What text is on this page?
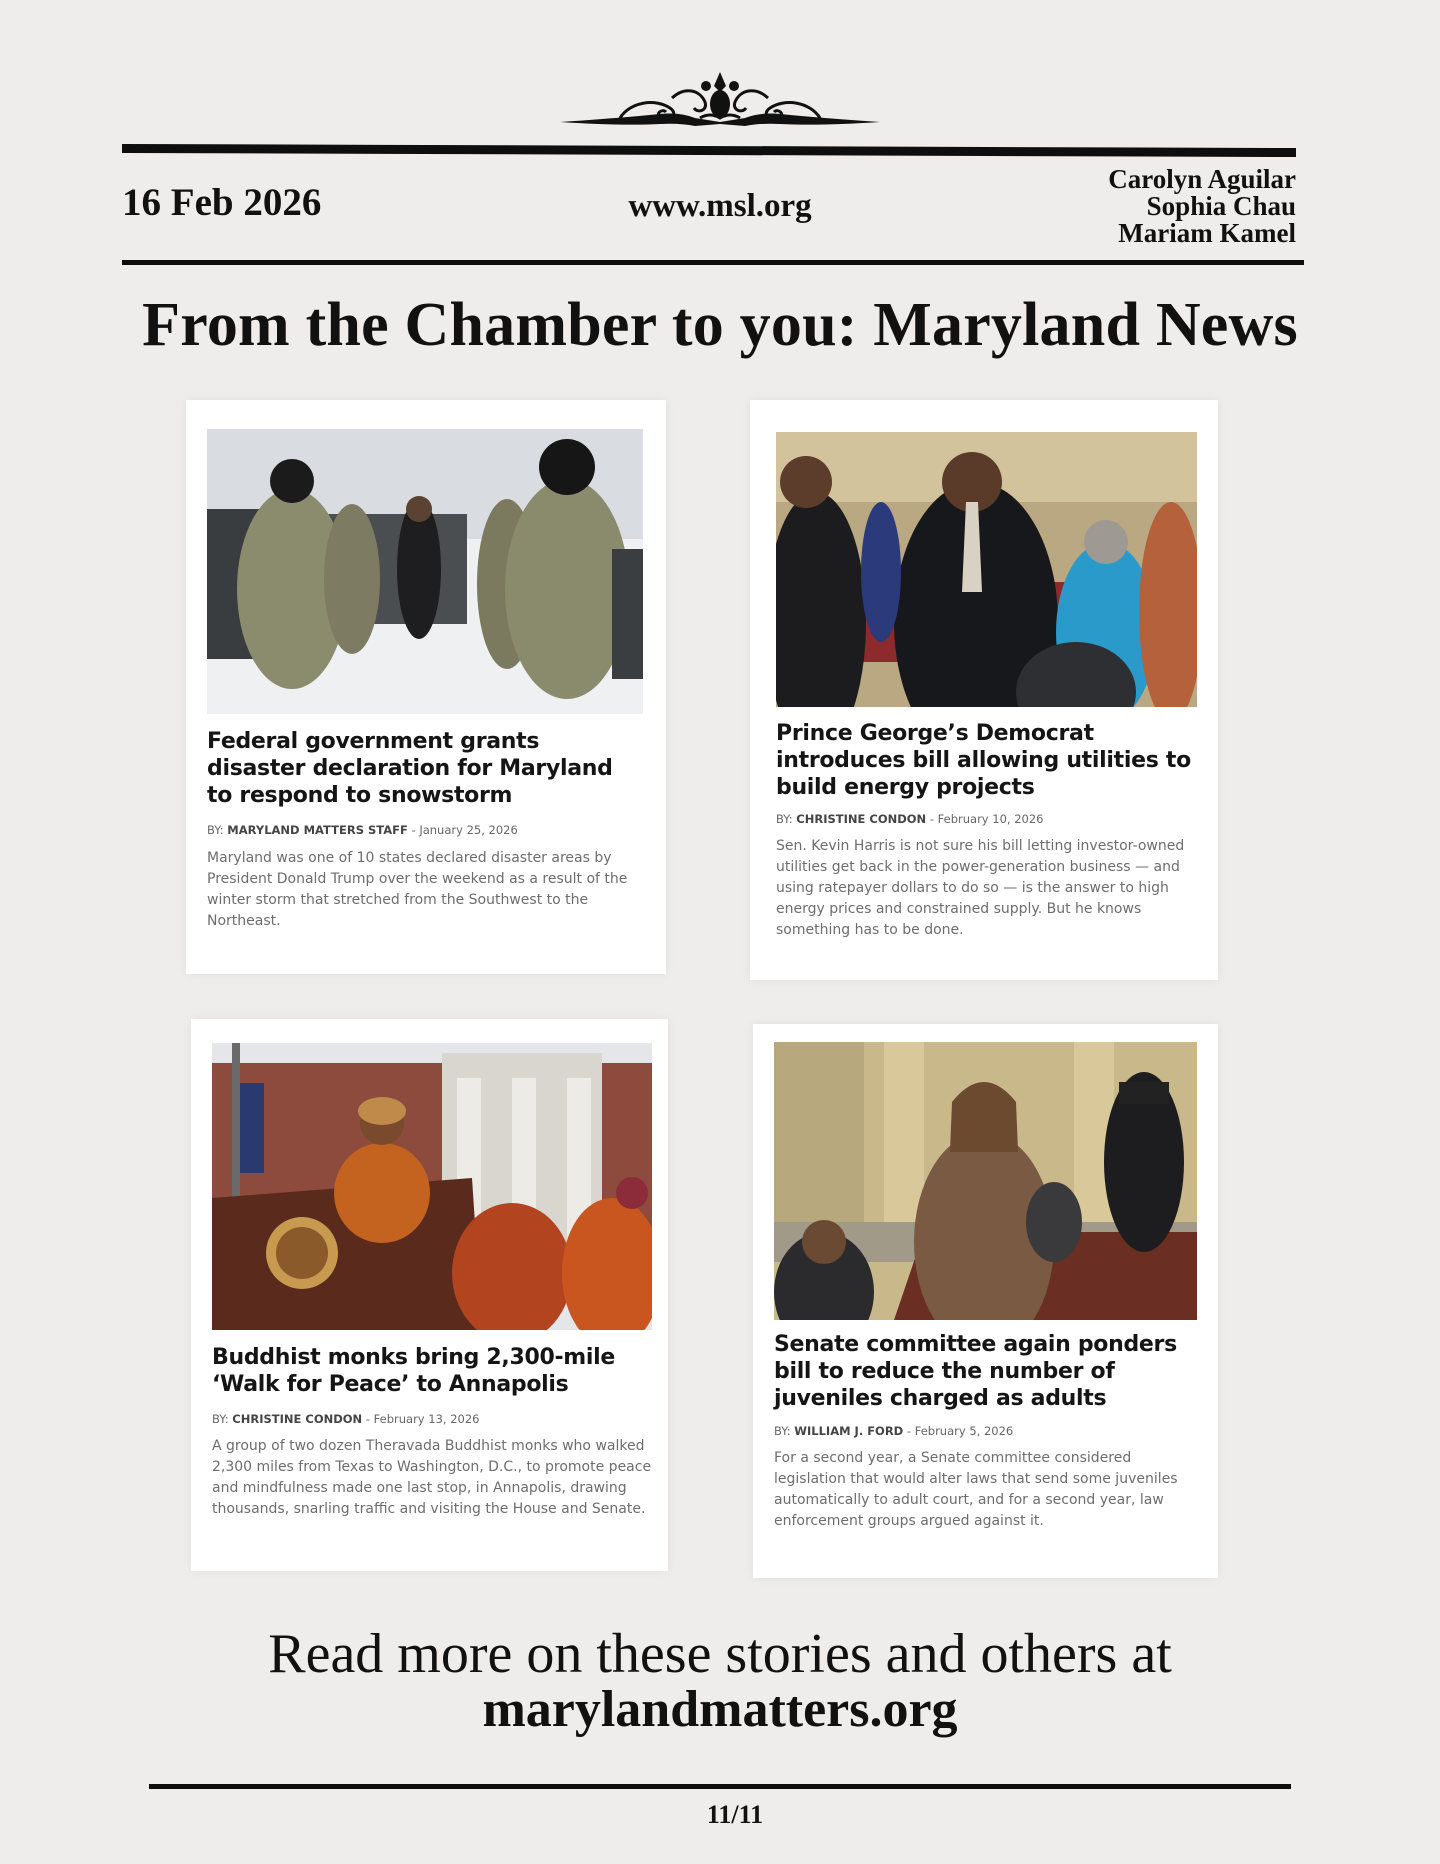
16 Feb 2026	www.msl.org
Carolyn Aguilar
Sophia Chau
Mariam Kamel
From the Chamber to you: Maryland News
Federal government grants disaster declaration for Maryland to respond to snowstorm
BY: MARYLAND MATTERS STAFF - January 25, 2026
Maryland was one of 10 states declared disaster areas by President Donald Trump over the weekend as a result of the winter storm that stretched from the Southwest to the Northeast.
Prince George’s Democrat introduces bill allowing utilities to build energy projects
BY: CHRISTINE CONDON - February 10, 2026
Sen. Kevin Harris is not sure his bill letting investor-owned utilities get back in the power-generation business — and using ratepayer dollars to do so — is the answer to high energy prices and constrained supply. But he knows something has to be done.
Buddhist monks bring 2,300-mile ‘Walk for Peace’ to Annapolis
BY: CHRISTINE CONDON - February 13, 2026
A group of two dozen Theravada Buddhist monks who walked 2,300 miles from Texas to Washington, D.C., to promote peace and mindfulness made one last stop, in Annapolis, drawing thousands, snarling traffic and visiting the House and Senate.
Senate committee again ponders bill to reduce the number of juveniles charged as adults
BY: WILLIAM J. FORD - February 5, 2026
For a second year, a Senate committee considered legislation that would alter laws that send some juveniles automatically to adult court, and for a second year, law enforcement groups argued against it.
Read more on these stories and others at
marylandmatters.org
11/11
